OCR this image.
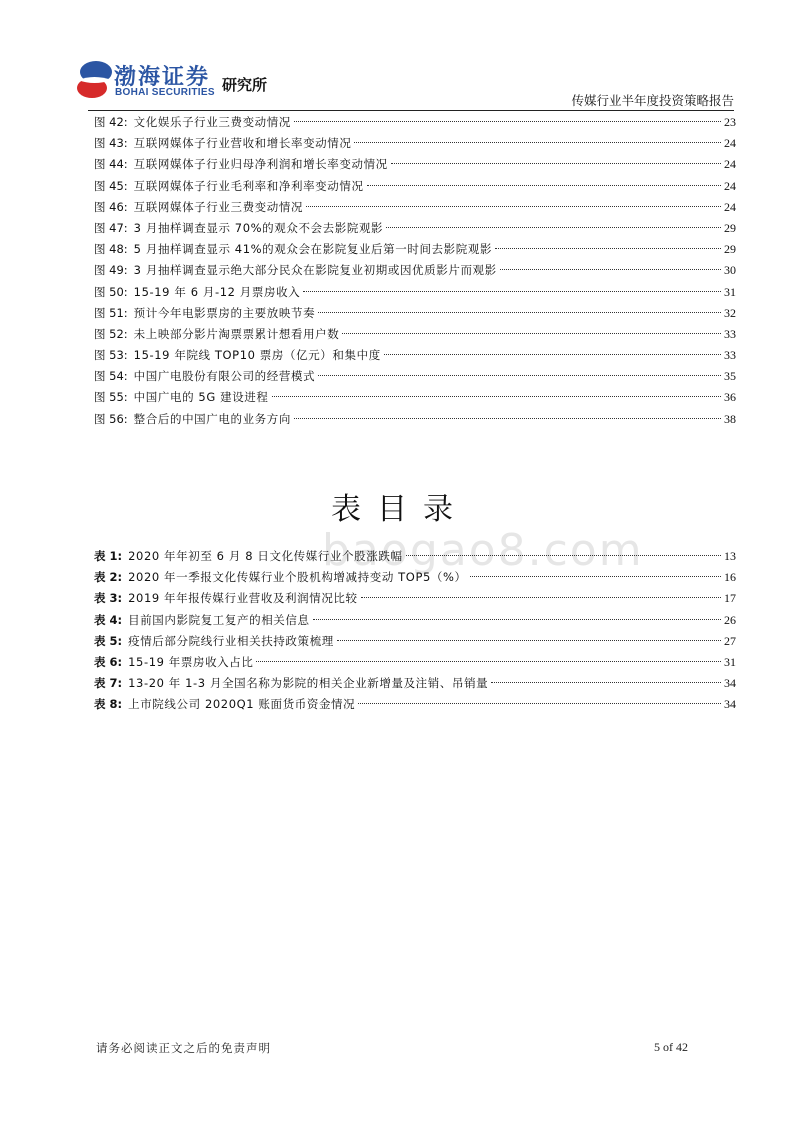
渤海证券
BOHAI SECURITIES 研究所
传媒行业半年度投资策略报告
图 42: 文化娱乐子行业三费变动情况	23
图 43: 互联网媒体子行业营收和增长率变动情况	24
图 44: 互联网媒体子行业归母净利润和增长率变动情况	24
图 45: 互联网媒体子行业毛利率和净利率变动情况	24
图 46: 互联网媒体子行业三费变动情况	24
图 47: 3 月抽样调查显示 70%的观众不会去影院观影	29
图 48: 5 月抽样调查显示 41%的观众会在影院复业后第一时间去影院观影	29
图 49: 3 月抽样调查显示绝大部分民众在影院复业初期或因优质影片而观影	30
图 50: 15-19 年 6 月-12 月票房收入	31
图 51: 预计今年电影票房的主要放映节奏	32
图 52: 未上映部分影片淘票票累计想看用户数	33
图 53: 15-19 年院线 TOP10 票房（亿元）和集中度	33
图 54: 中国广电股份有限公司的经营模式	35
图 55: 中国广电的 5G 建设进程	36
图 56: 整合后的中国广电的业务方向	38
表目录
baogao8.com
表 1: 2020 年年初至 6 月 8 日文化传媒行业个股涨跌幅	13
表 2: 2020 年一季报文化传媒行业个股机构增减持变动 TOP5（%）	16
表 3: 2019 年年报传媒行业营收及利润情况比较	17
表 4: 目前国内影院复工复产的相关信息	26
表 5: 疫情后部分院线行业相关扶持政策梳理	27
表 6: 15-19 年票房收入占比	31
表 7: 13-20 年 1-3 月全国名称为影院的相关企业新增量及注销、吊销量	34
表 8: 上市院线公司 2020Q1 账面货币资金情况	34
请务必阅读正文之后的免责声明	5 of 42
